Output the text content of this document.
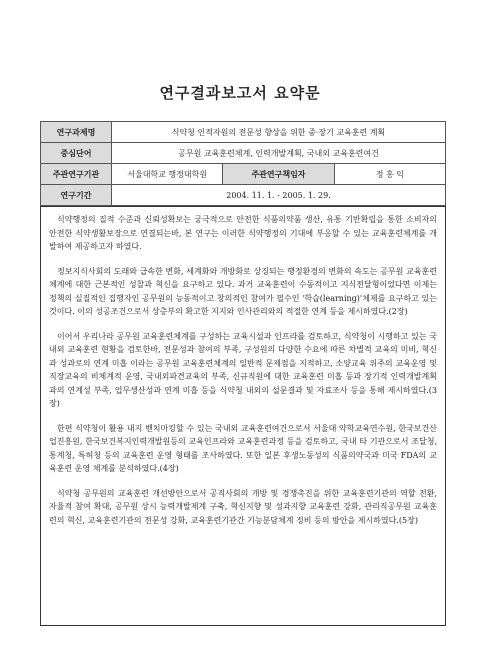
연구결과보고서 요약문
연구과제명	식약청 인적자원의 전문성 향상을 위한 중·장기 교육훈련 계획		
중심단어	공무원 교육훈련체계, 인력개발계획, 국내외 교육훈련여건		
주관연구기관	서울대학교 행정대학원	주관연구책임자	정 홍 익
연구기간	2004. 11. 1. - 2005. 1. 29.		

식약행정의 질적 수준과 신뢰성확보는 궁극적으로 안전한 식품의약품 생산, 유통 기반확립을 통한 소비자의 안전한 식약생활보장으로 연결되는바, 본 연구는 이러한 식약행정의 기대에 부응할 수 있는 교육훈련체계를 개발하여 제공하고자 하였다.

정보지식사회의 도래와 급속한 변화, 세계화와 개방화로 상징되는 행정환경의 변화의 속도는 공무원 교육훈련 체계에 대한 근본적인 성찰과 혁신을 요구하고 있다. 과거 교육훈련이 수동적이고 지식전달형이었다면 이제는 정책의 실질적인 집행자인 공무원의 능동적이고 창의적인 참여가 필수인 '학습(learning)'체제를 요구하고 있는 것이다. 이의 성공조건으로서 상층부의 확고한 지지와 인사관리와의 적절한 연계 등을 제시하였다.(2장)

이어서 우리나라 공무원 교육훈련체계를 구성하는 교육시설과 인프라를 검토하고, 식약청이 시행하고 있는 국내외 교육훈련 현황을 검토한바, 전문성과 참여의 부족, 구성원의 다양한 수요에 따른 차별적 교육의 미비, 혁신과 성과로의 연계 미흡 이라는 공무원 교육훈련체계의 일반적 문제점을 지적하고, 소양교육 위주의 교육운영 및 직장교육의 비체계적 운영, 국내외파견교육의 부족, 신규직원에 대한 교육훈련 미흡 등과 장기적 인력개발계획과의 연계성 부족, 업무생산성과 연계 미흡 등을 식약청 내외의 설문결과 및 자료조사 등을 통해 제시하였다.(3장)

한편 식약청이 활용 내지 벤치마킹할 수 있는 국내외 교육훈련여건으로서 서울대 약학교육연수원, 한국보건산업진흥원, 한국보건복지인력개발원등의 교육인프라와 교육훈련과정 등을 검토하고, 국내 타 기관으로서 조달청, 통계청, 특허청 등의 교육훈련 운영 형태를 조사하였다. 또한 일본 후생노동성의 식품의약국과 미국 FDA의 교육훈련 운영 체계를 분석하였다.(4장)

식약청 공무원의 교육훈련 개선방안으로서 공직사회의 개방 및 경쟁촉진을 위한 교육훈련기관의 역할 전환, 자율적 참여 확대, 공무원 상시 능력개발제계 구축, 혁신지향 및 성과지향 교육훈련 강화, 관리직공무원 교육훈련의 혁신, 교육훈련기관의 전문성 강화, 교육훈련기관간 기능분담체계 정비 등의 방안을 제시하였다.(5장)
